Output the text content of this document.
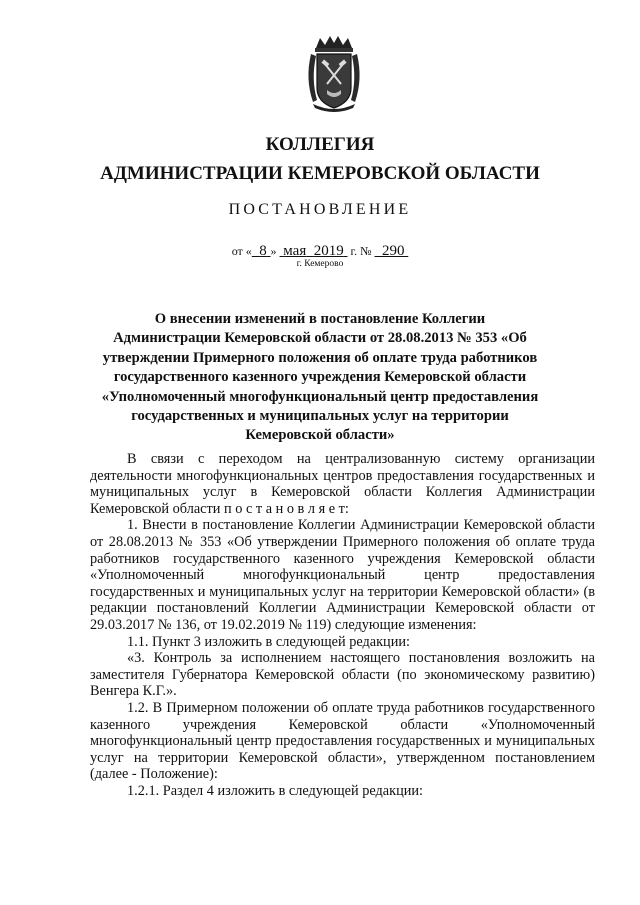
КОЛЛЕГИЯ
АДМИНИСТРАЦИИ КЕМЕРОВСКОЙ ОБЛАСТИ
ПОСТАНОВЛЕНИЕ
от « 8 » мая 2019 г. № 290
г. Кемерово
О внесении изменений в постановление Коллегии Администрации Кемеровской области от 28.08.2013 № 353 «Об утверждении Примерного положения об оплате труда работников государственного казенного учреждения Кемеровской области «Уполномоченный многофункциональный центр предоставления государственных и муниципальных услуг на территории Кемеровской области»

В связи с переходом на централизованную систему организации деятельности многофункциональных центров предоставления государственных и муниципальных услуг в Кемеровской области Коллегия Администрации Кемеровской области п о с т а н о в л я е т:

1. Внести в постановление Коллегии Администрации Кемеровской области от 28.08.2013 № 353 «Об утверждении Примерного положения об оплате труда работников государственного казенного учреждения Кемеровской области «Уполномоченный многофункциональный центр предоставления государственных и муниципальных услуг на территории Кемеровской области» (в редакции постановлений Коллегии Администрации Кемеровской области от 29.03.2017 № 136, от 19.02.2019 № 119) следующие изменения:

1.1. Пункт 3 изложить в следующей редакции:

«3. Контроль за исполнением настоящего постановления возложить на заместителя Губернатора Кемеровской области (по экономическому развитию) Венгера К.Г.».

1.2. В Примерном положении об оплате труда работников государственного казенного учреждения Кемеровской области «Уполномоченный многофункциональный центр предоставления государственных и муниципальных услуг на территории Кемеровской области», утвержденном постановлением (далее - Положение):

1.2.1. Раздел 4 изложить в следующей редакции:
